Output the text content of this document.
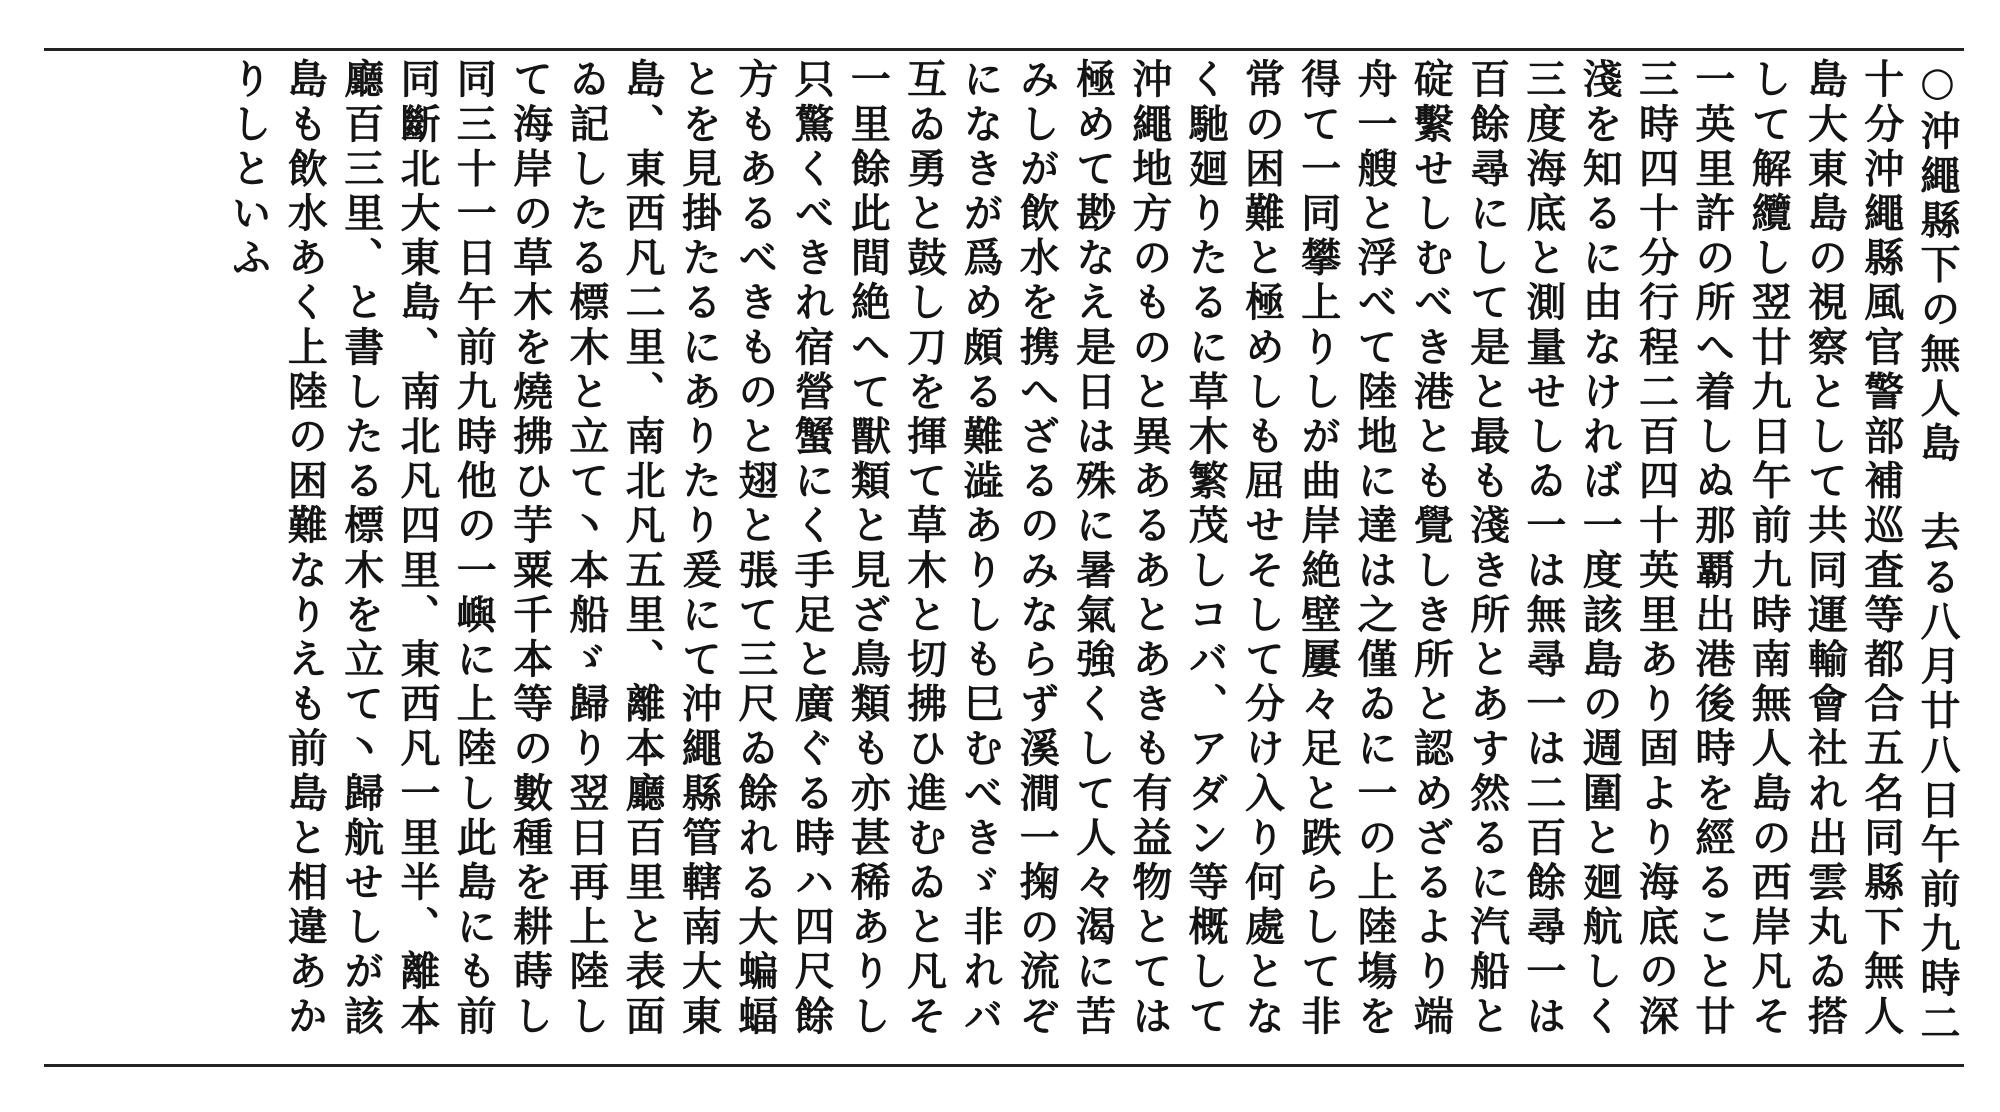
○沖繩縣下の無人島　去る八月廿八日午前九時二十分沖繩縣風官警部補巡査等都合五名同縣下無人島大東島の視察として共同運輸會社れ出雲丸ゐ搭して解纜し翌廿九日午前九時南無人島の西岸凡そ一英里許の所へ着しぬ那覇出港後時を經ること廿三時四十分行程二百四十英里あり固より海底の深淺を知るに由なければ一度該島の週圍と廻航しく三度海底と測量せしゐ一は無尋一は二百餘尋一は百餘尋にして是と最も淺き所とあす然るに汽船と碇繫せしむべき港とも覺しき所と認めざるより端舟一艘と浮べて陸地に達は之僅ゐに一の上陸塲を得て一同攀上りしが曲岸絶壁屢々足と跌らして非常の困難と極めしも屈せそして分け入り何處となく馳廻りたるに草木繁茂しコバ、アダン等概して沖繩地方のものと異あるあとあきも有益物とては極めて尠なえ是日は殊に暑氣強くして人々渴に苦みしが飲水を携へざるのみならず溪澗一掬の流ぞになきが爲め頗る難澁ありしも巳むべきゞ非れバ互ゐ勇と鼓し刀を揮て草木と切拂ひ進むゐと凡そ一里餘此間絶へて獸類と見ざ鳥類も亦甚稀ありし只驚くべきれ宿營蟹にく手足と廣ぐる時ハ四尺餘方もあるべきものと翅と張て三尺ゐ餘れる大蝙蝠とを見掛たるにありたり爰にて沖繩縣管轄南大東島、東西凡二里、南北凡五里、離本廳百里と表面ゐ記したる標木と立て丶本船ゞ歸り翌日再上陸して海岸の草木を燒拂ひ芋粟千本等の數種を耕蒔し同三十一日午前九時他の一嶼に上陸し此島にも前同斷北大東島、南北凡四里、東西凡一里半、離本廳百三里、と書したる標木を立て丶歸航せしが該島も飲水あく上陸の困難なりえも前島と相違あかりしといふ
